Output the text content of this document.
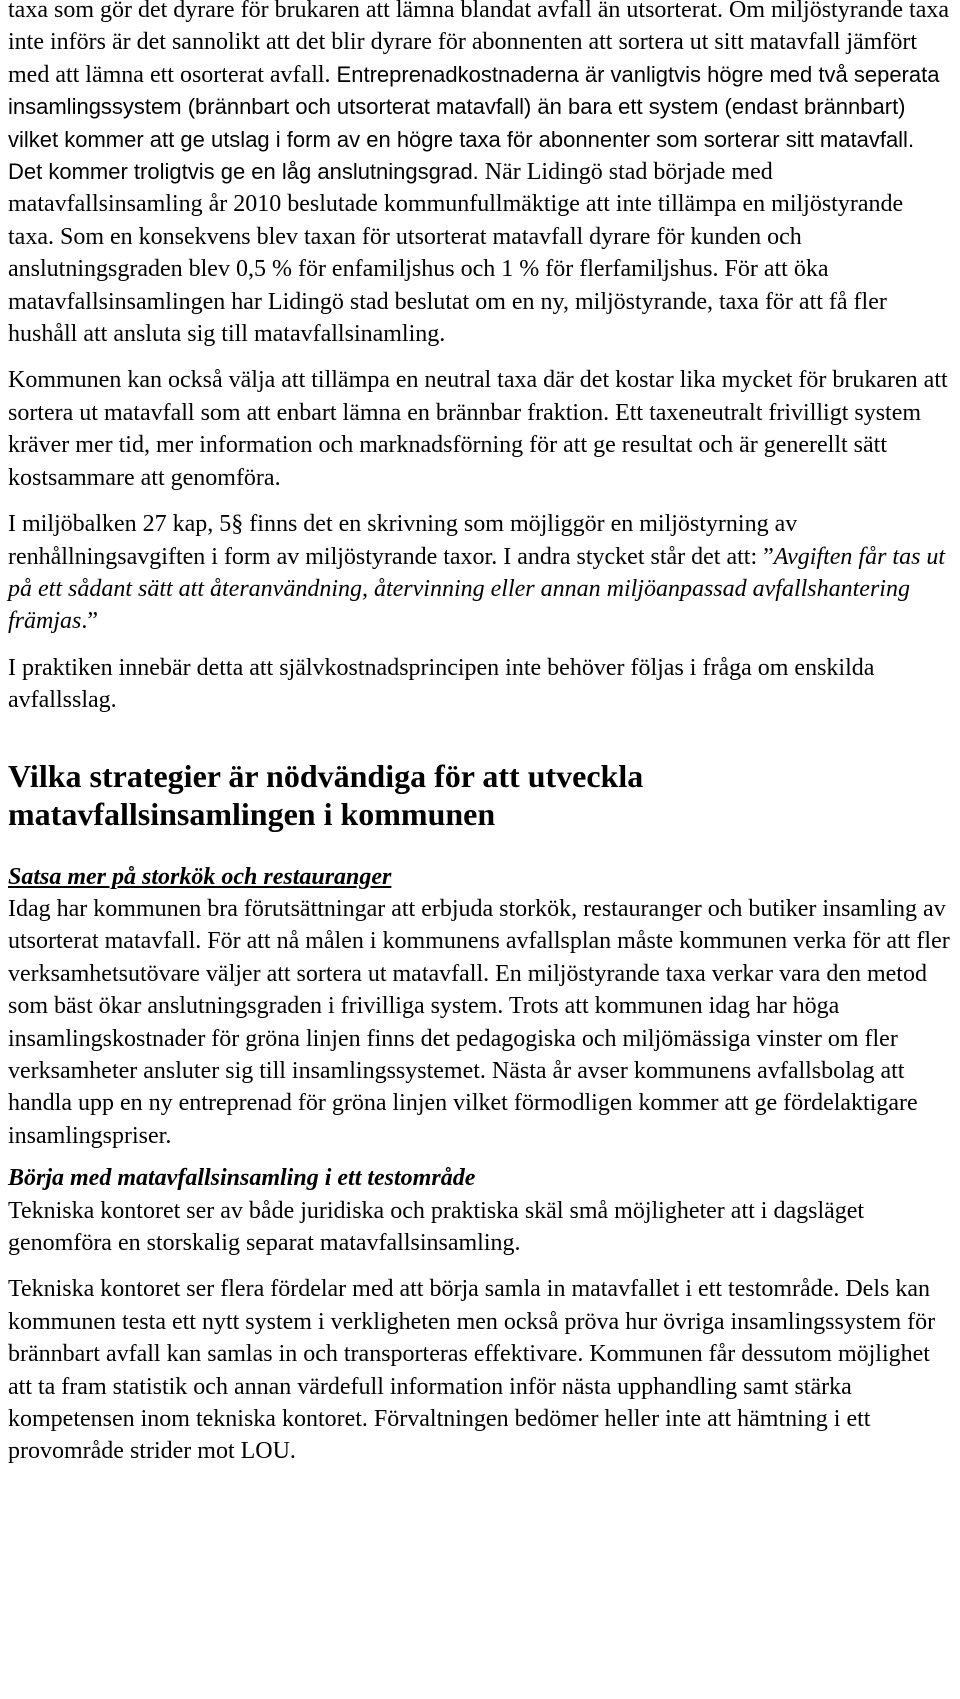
taxa som gör det dyrare för brukaren att lämna blandat avfall än utsorterat. Om miljöstyrande taxa inte införs är det sannolikt att det blir dyrare för abonnenten att sortera ut sitt matavfall jämfört med att lämna ett osorterat avfall. Entreprenadkostnaderna är vanligtvis högre med två seperata insamlingssystem (brännbart och utsorterat matavfall) än bara ett system (endast brännbart) vilket kommer att ge utslag i form av en högre taxa för abonnenter som sorterar sitt matavfall. Det kommer troligtvis ge en låg anslutningsgrad. När Lidingö stad började med matavfallsinsamling år 2010 beslutade kommunfullmäktige att inte tillämpa en miljöstyrande taxa. Som en konsekvens blev taxan för utsorterat matavfall dyrare för kunden och anslutningsgraden blev 0,5 % för enfamiljshus och 1 % för flerfamiljshus. För att öka matavfallsinsamlingen har Lidingö stad beslutat om en ny, miljöstyrande, taxa för att få fler hushåll att ansluta sig till matavfallsinamling.

Kommunen kan också välja att tillämpa en neutral taxa där det kostar lika mycket för brukaren att sortera ut matavfall som att enbart lämna en brännbar fraktion. Ett taxeneutralt frivilligt system kräver mer tid, mer information och marknadsförning för att ge resultat och är generellt sätt kostsammare att genomföra.

I miljöbalken 27 kap, 5§ finns det en skrivning som möjliggör en miljöstyrning av renhållningsavgiften i form av miljöstyrande taxor. I andra stycket står det att: ”Avgiften får tas ut på ett sådant sätt att återanvändning, återvinning eller annan miljöanpassad avfallshantering främjas.”

I praktiken innebär detta att självkostnadsprincipen inte behöver följas i fråga om enskilda avfallsslag.

Vilka strategier är nödvändiga för att utveckla matavfallsinsamlingen i kommunen
Satsa mer på storkök och restauranger

Idag har kommunen bra förutsättningar att erbjuda storkök, restauranger och butiker insamling av utsorterat matavfall. För att nå målen i kommunens avfallsplan måste kommunen verka för att fler verksamhetsutövare väljer att sortera ut matavfall. En miljöstyrande taxa verkar vara den metod som bäst ökar anslutningsgraden i frivilliga system. Trots att kommunen idag har höga insamlingskostnader för gröna linjen finns det pedagogiska och miljömässiga vinster om fler verksamheter ansluter sig till insamlingssystemet. Nästa år avser kommunens avfallsbolag att handla upp en ny entreprenad för gröna linjen vilket förmodligen kommer att ge fördelaktigare insamlingspriser.

Börja med matavfallsinsamling i ett testområde

Tekniska kontoret ser av både juridiska och praktiska skäl små möjligheter att i dagsläget genomföra en storskalig separat matavfallsinsamling.

Tekniska kontoret ser flera fördelar med att börja samla in matavfallet i ett testområde. Dels kan kommunen testa ett nytt system i verkligheten men också pröva hur övriga insamlingssystem för brännbart avfall kan samlas in och transporteras effektivare. Kommunen får dessutom möjlighet att ta fram statistik och annan värdefull information inför nästa upphandling samt stärka kompetensen inom tekniska kontoret. Förvaltningen bedömer heller inte att hämtning i ett provområde strider mot LOU.
